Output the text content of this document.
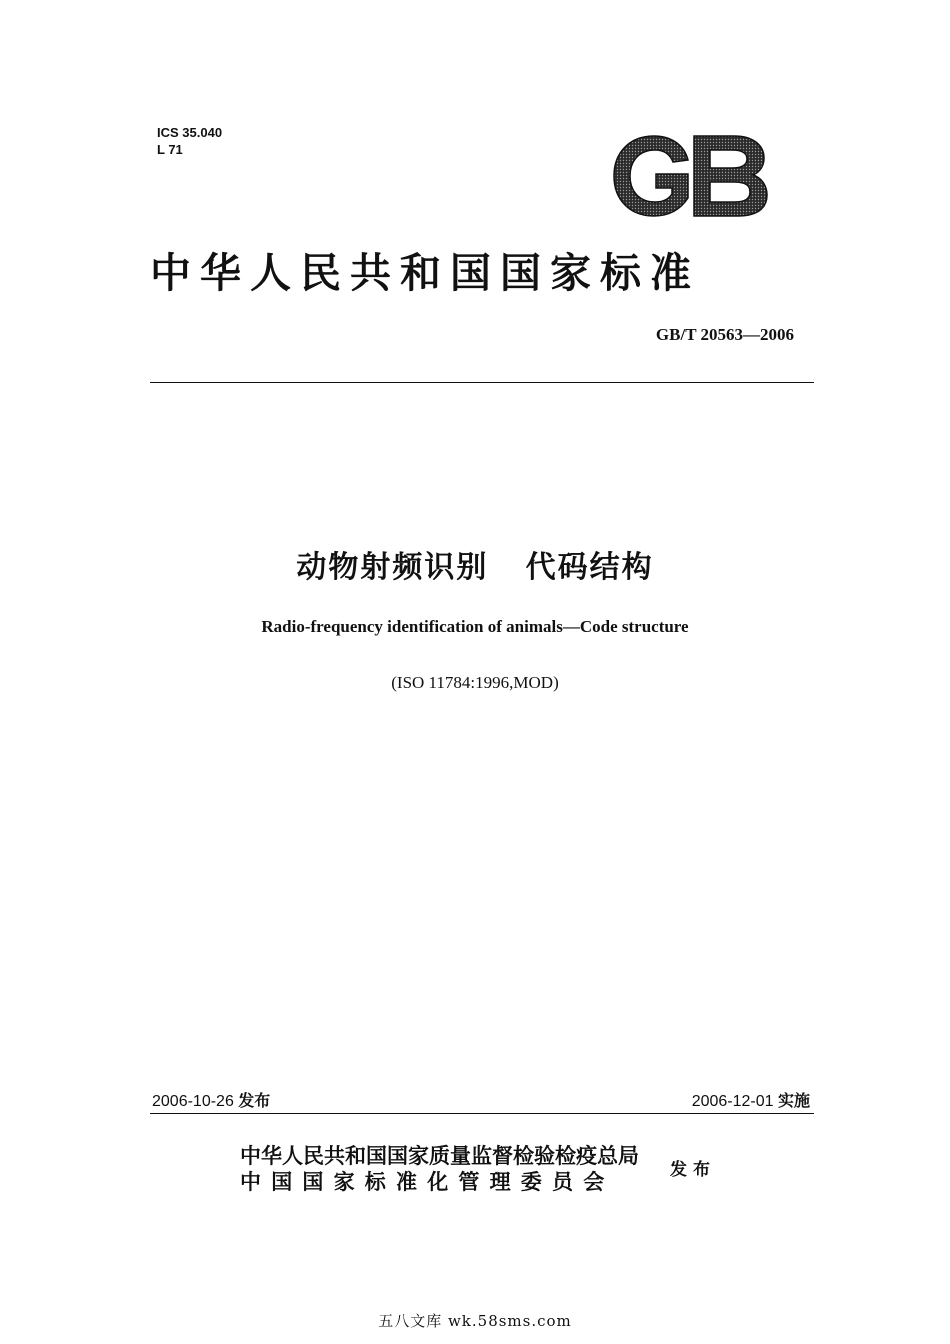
ICS 35.040
L 71
中华人民共和国国家标准
GB/T 20563—2006
动物射频识别   代码结构
Radio-frequency identification of animals—Code structure
(ISO 11784:1996,MOD)
2006-10-26 发布	2006-12-01 实施
中华人民共和国国家质量监督检验检疫总局
中国国家标准化管理委员会	发布
五八文库 wk.58sms.com
